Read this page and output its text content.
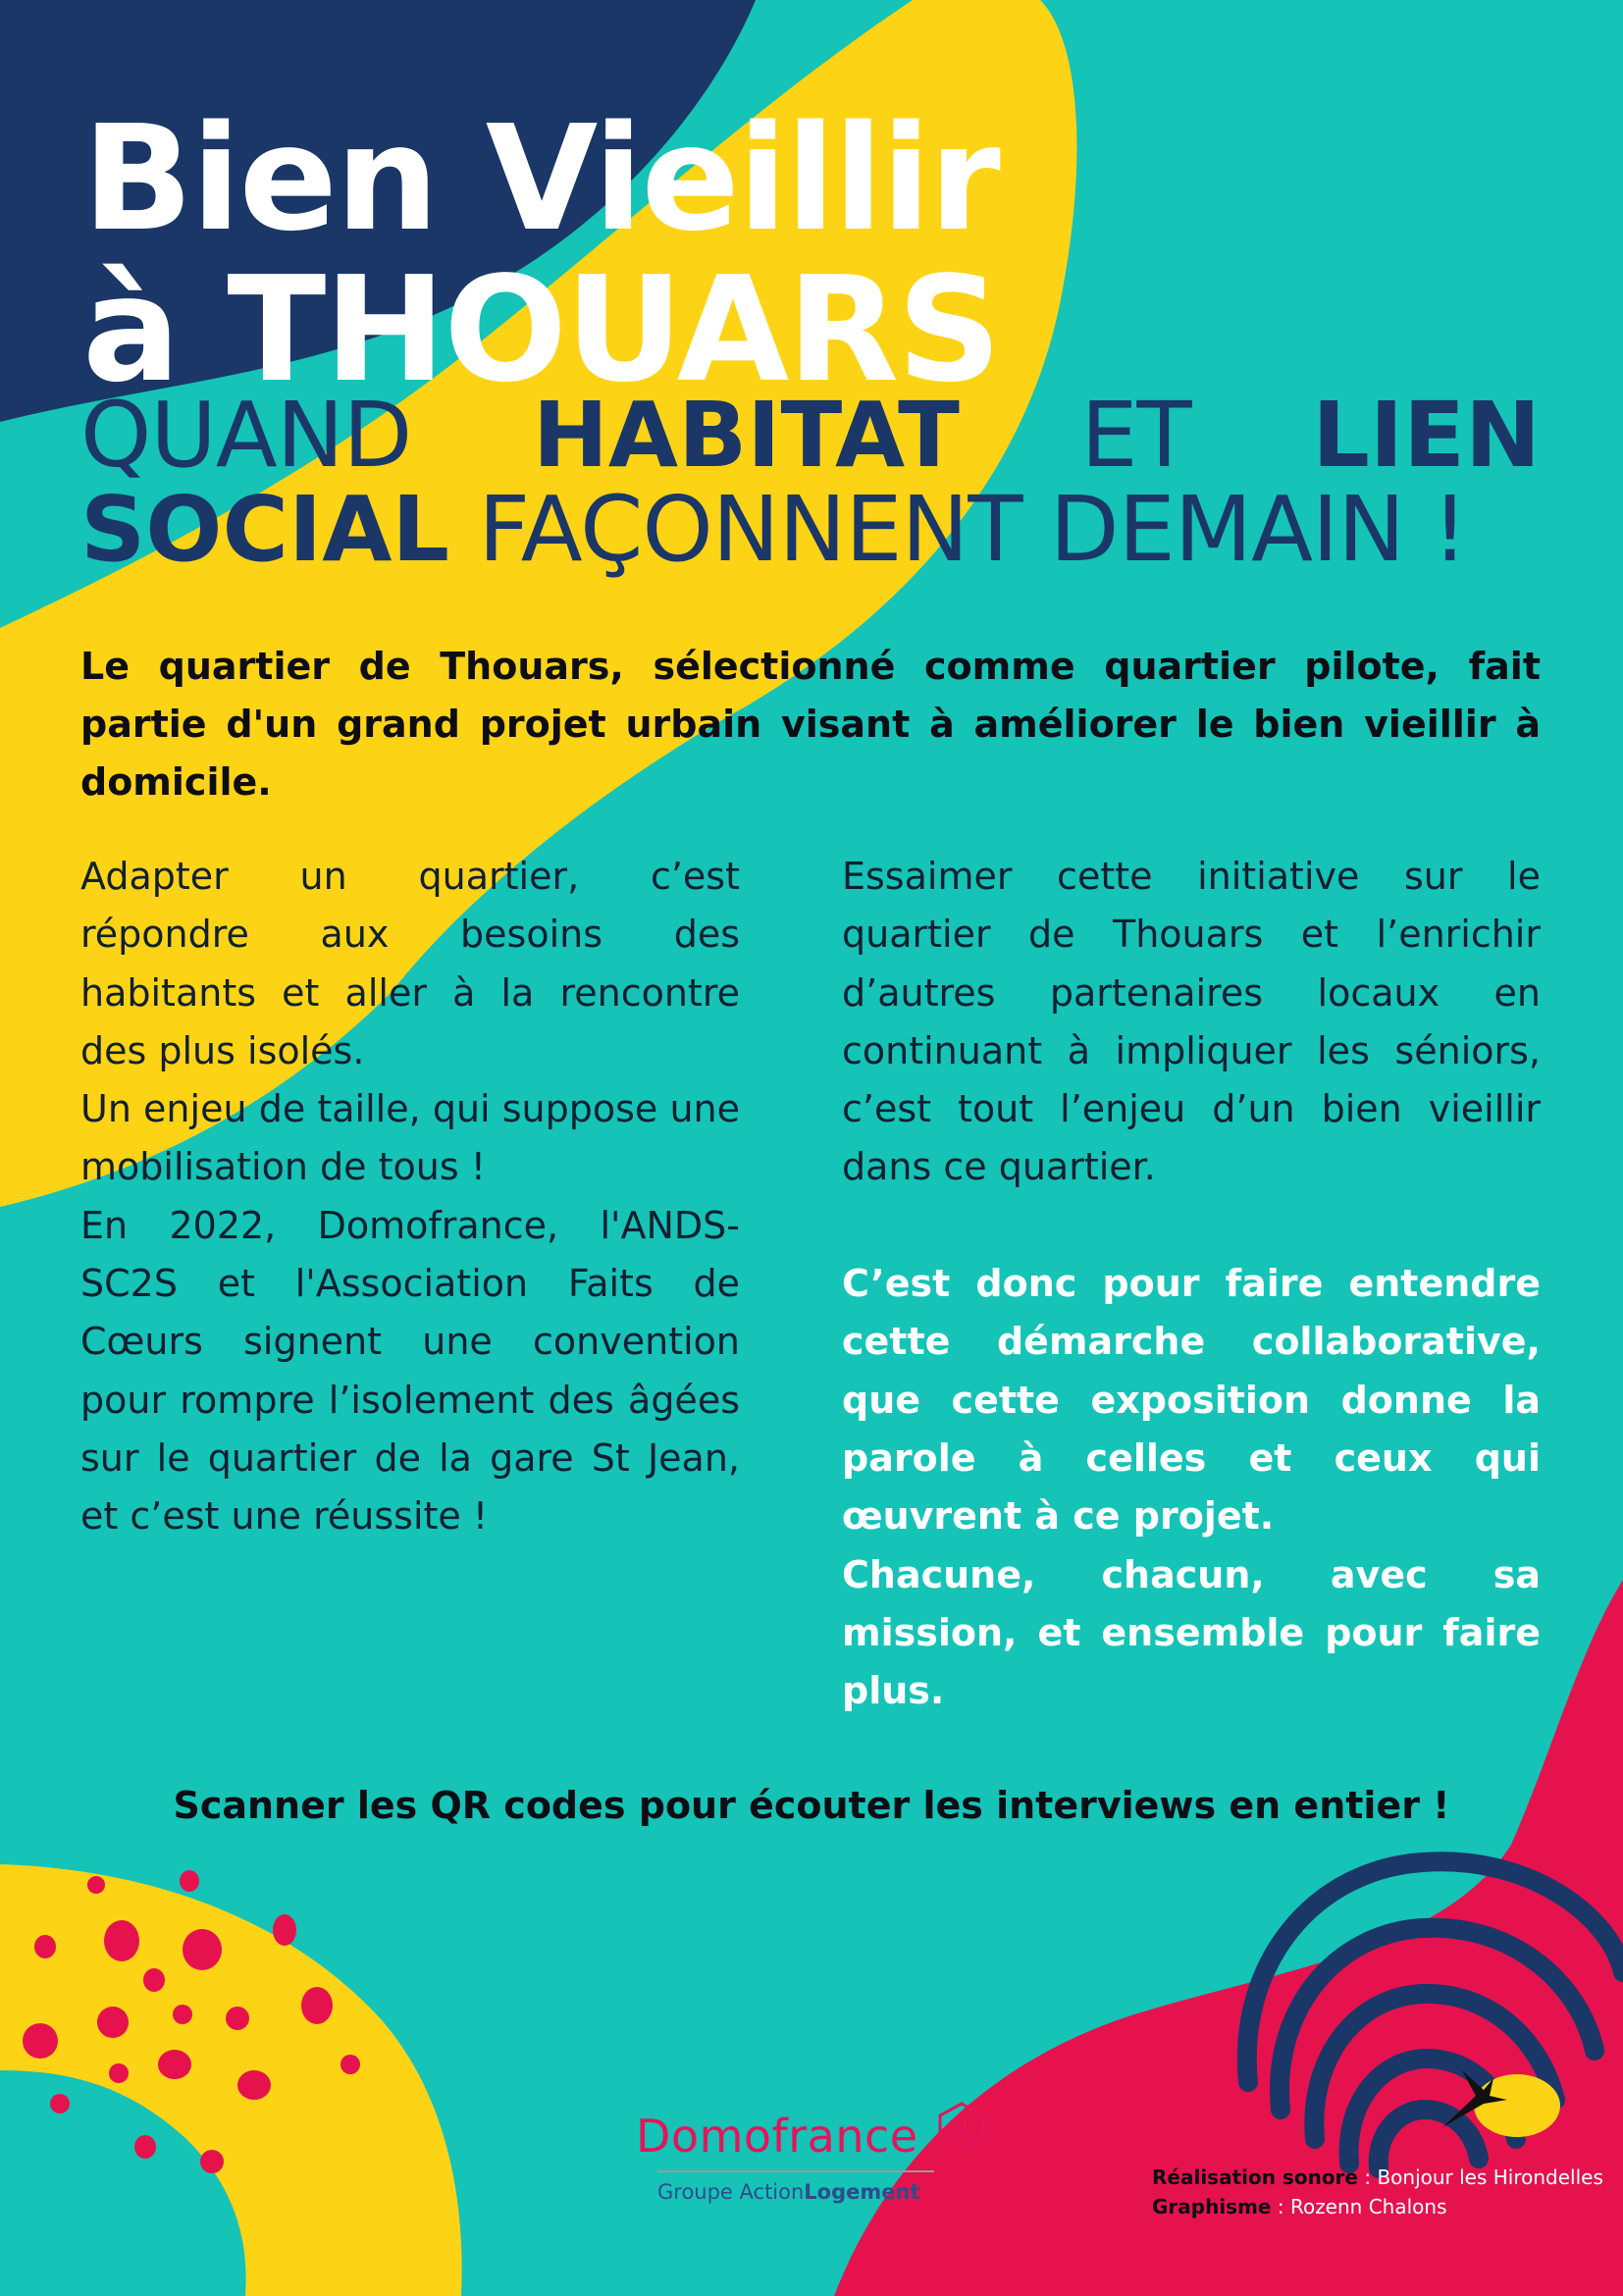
Bien Vieillir
à THOUARS
QUAND HABITAT ET LIEN
SOCIAL FAÇONNENT DEMAIN !
Le quartier de Thouars, sélectionné comme quartier pilote, fait partie d'un grand projet urbain visant à améliorer le bien vieillir à domicile.

Adapter un quartier, c’est répondre aux besoins des habitants et aller à la rencontre des plus isolés.

Un enjeu de taille, qui suppose une mobilisation de tous !

En 2022, Domofrance, l'ANDS-SC2S et l'Association Faits de Cœurs signent une convention pour rompre l’isolement des âgées sur le quartier de la gare St Jean, et c’est une réussite !

Essaimer cette initiative sur le quartier de Thouars et l’enrichir d’autres partenaires locaux en continuant à impliquer les séniors, c’est tout l’enjeu d’un bien vieillir dans ce quartier.

C’est donc pour faire entendre cette démarche collaborative, que cette exposition donne la parole à celles et ceux qui œuvrent à ce projet.

Chacune, chacun, avec sa mission, et ensemble pour faire plus.

Scanner les QR codes pour écouter les interviews en entier !
Domofrance	AL
Groupe ActionLogement
Réalisation sonore : Bonjour les Hirondelles
Graphisme : Rozenn Chalons
